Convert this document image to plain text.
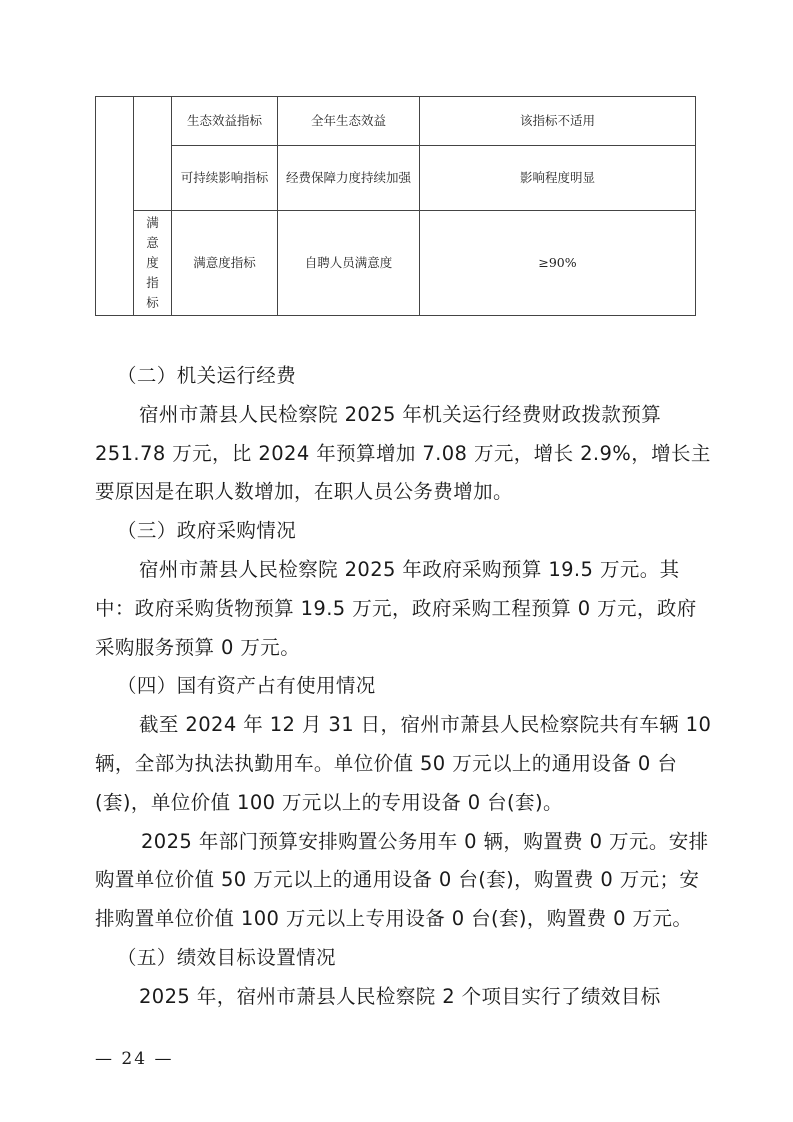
		生态效益指标	全年生态效益	该指标不适用
		可持续影响指标	经费保障力度持续加强	影响程度明显
	满意度指标	满意度指标	自聘人员满意度	≥90%

（二）机关运行经费

宿州市萧县人民检察院 2025 年机关运行经费财政拨款预算 251.78 万元，比 2024 年预算增加 7.08 万元，增长 2.9%，增长主要原因是在职人数增加，在职人员公务费增加。

（三）政府采购情况

宿州市萧县人民检察院 2025 年政府采购预算 19.5 万元。其中：政府采购货物预算 19.5 万元，政府采购工程预算 0 万元，政府采购服务预算 0 万元。

（四）国有资产占有使用情况

截至 2024 年 12 月 31 日，宿州市萧县人民检察院共有车辆 10 辆，全部为执法执勤用车。单位价值 50 万元以上的通用设备 0 台(套)，单位价值 100 万元以上的专用设备 0 台(套)。

2025 年部门预算安排购置公务用车 0 辆，购置费 0 万元。安排购置单位价值 50 万元以上的通用设备 0 台(套)，购置费 0 万元；安排购置单位价值 100 万元以上专用设备 0 台(套)，购置费 0 万元。

（五）绩效目标设置情况

2025 年，宿州市萧县人民检察院 2 个项目实行了绩效目标

— 24 —
